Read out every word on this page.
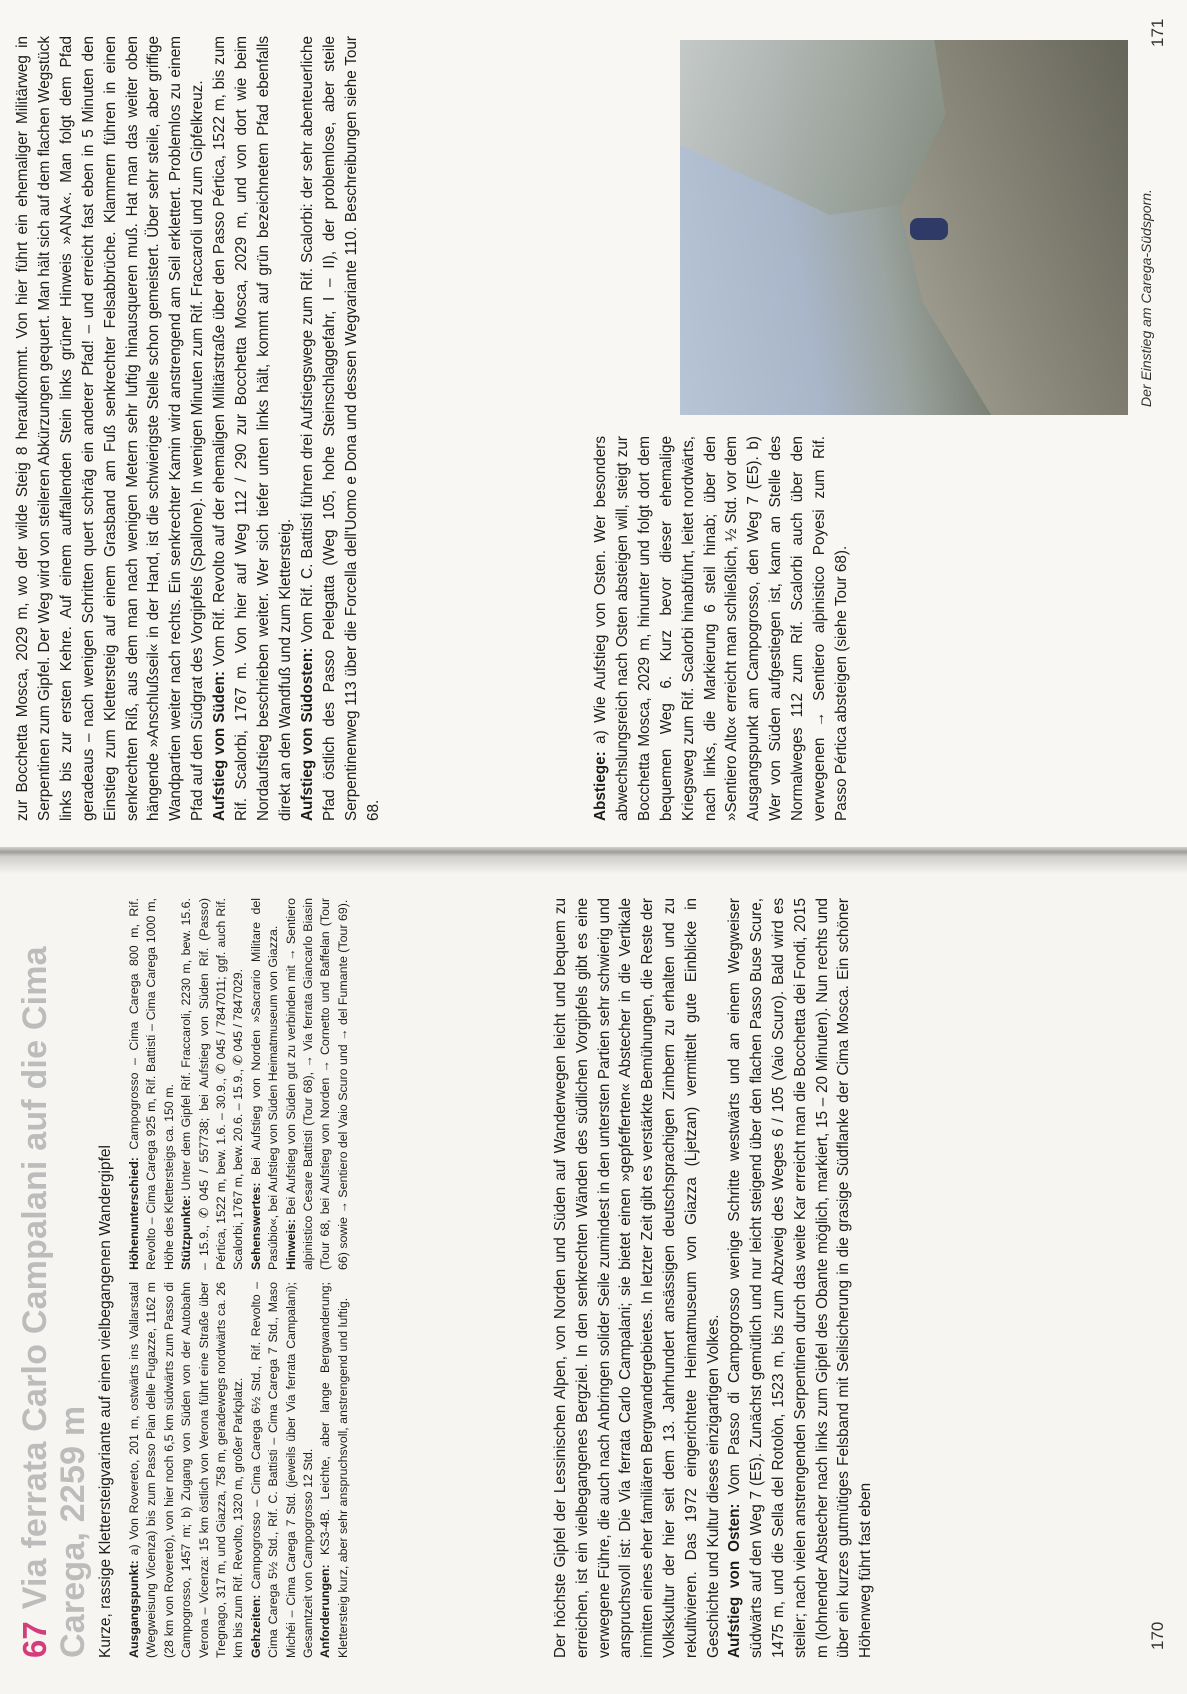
67
Via ferrata Carlo Campalani auf die Cima Carega, 2259 m Kurze, rassige Klettersteigvariante auf einen vielbegangenen Wandergipfel Ausgangspunkt: a) Von Rovereto, 201 m, ostwärts ins Vallarsatal (Wegweisung Vicenza) bis zum Passo Pian delle Fugazze, 1162 m (28 km von Rovereto), von hier noch 6,5 km südwärts zum Passo di Campogrosso, 1457 m; b) Zugang von Süden von der Autobahn Verona – Vicenza: 15 km östlich von Verona führt eine Straße über Tregnago, 317 m, und Giazza, 758 m, geradewegs nordwärts ca. 26 km bis zum Rif. Revolto, 1320 m, großer Parkplatz. Gehzeiten: Campogrosso – Cima Carega 6½ Std., Rif. Revolto – Cima Carega 5½ Std., Rif. C. Battisti – Cima Carega 7 Std., Maso Michéi – Cima Carega 7 Std. (jeweils über Via ferrata Campalani); Gesamtzeit von Campogrosso 12 Std. Anforderungen: KS3-4B. Leichte, aber lange Bergwanderung; Klettersteig kurz, aber sehr anspruchsvoll, anstrengend und luftig.
Höhenunterschied: Campogrosso – Cima Carega 800 m, Rif. Revolto – Cima Carega 925 m, Rif. Battisti – Cima Carega 1000 m, Höhe des Klettersteigs ca. 150 m. Stützpunkte: Unter dem Gipfel Rif. Fraccaroli, 2230 m, bew. 15.6. – 15.9., ✆ 045 / 557738; bei Aufstieg von Süden Rif. (Passo) Pértica, 1522 m, bew. 1.6. – 30.9., ✆ 045 / 7847011; ggf. auch Rif. Scalorbi, 1767 m, bew. 20.6. – 15.9., ✆ 045 / 7847029. Sehenswertes: Bei Aufstieg von Norden »Sacrario Militare del Pasúbio«, bei Aufstieg von Süden Heimatmuseum von Giazza. Hinweis: Bei Aufstieg von Süden gut zu verbinden mit → Sentiero alpinistico Cesare Battisti (Tour 68), → Via ferrata Giancarlo Biasin (Tour 68, bei Aufstieg von Norden → Cornetto und Baffelan (Tour 66) sowie → Sentiero del Vaio Scuro und → del Fumante (Tour 69).	Der höchste Gipfel der Lessinischen Alpen, von Norden und Süden auf Wanderwegen leicht und bequem zu erreichen, ist ein vielbegangenes Bergziel. In den senkrechten Wänden des südlichen Vorgipfels gibt es eine verwegene Führe, die auch nach Anbringen solider Seile zumindest in den untersten Partien sehr schwierig und anspruchsvoll ist: Die Via ferrata Carlo Campalani; sie bietet einen »gepfefferten« Abstecher in die Vertikale inmitten eines eher familiären Bergwandergebietes. In letzter Zeit gibt es verstärkte Bemühungen, die Reste der Volkskultur der hier seit dem 13. Jahrhundert ansässigen deutschsprachigen Zimbern zu erhalten und zu rekultivieren. Das 1972 eingerichtete Heimatmuseum von Giazza (Ljetzan) vermittelt gute Einblicke in Geschichte und Kultur dieses einzigartigen Volkes. Aufstieg von Osten: Vom Passo di Campogrosso wenige Schritte westwärts und an einem Wegweiser südwärts auf den Weg 7 (E5). Zunächst gemütlich und nur leicht steigend über den flachen Passo Buse Scure, 1475 m, und die Sella del Rotolòn, 1523 m, bis zum Abzweig des Weges 6 / 105 (Vaio Scuro). Bald wird es steiler; nach vielen anstrengenden Serpentinen durch das weite Kar erreicht man die Bocchetta dei Fondi, 2015 m (lohnender Abstecher nach links zum Gipfel des Obante möglich, markiert, 15 – 20 Minuten). Nun rechts und über ein kurzes gutmütiges Felsband mit Seilsicherung in die grasige Südflanke der Cima Mosca. Ein schöner Höhenweg führt fast eben	170

zur Bocchetta Mosca, 2029 m, wo der wilde Steig 8 heraufkommt. Von hier führt ein ehemaliger Militärweg in Serpentinen zum Gipfel. Der Weg wird von steileren Abkürzungen gequert. Man hält sich auf dem flachen Wegstück links bis zur ersten Kehre. Auf einem auffallenden Stein links grüner Hinweis »ANA«. Man folgt dem Pfad geradeaus – nach wenigen Schritten quert schräg ein anderer Pfad! – und erreicht fast eben in 5 Minuten den Einstieg zum Klettersteig auf einem Grasband am Fuß senkrechter Felsabbrüche. Klammern führen in einen senkrechten Riß, aus dem man nach wenigen Metern sehr luftig hinausqueren muß. Hat man das weiter oben hängende »Anschlußseil« in der Hand, ist die schwierigste Stelle schon gemeistert. Über sehr steile, aber griffige Wandpartien weiter nach rechts. Ein senkrechter Kamin wird anstrengend am Seil erklettert. Problemlos zu einem Pfad auf den Südgrat des Vorgipfels (Spallone). In wenigen Minuten zum Rif. Fraccaroli und zum Gipfelkreuz. Aufstieg von Süden: Vom Rif. Revolto auf der ehemaligen Militärstraße über den Passo Pértica, 1522 m, bis zum Rif. Scalorbi, 1767 m. Von hier auf Weg 112 / 290 zur Bocchetta Mosca, 2029 m, und von dort wie beim Nordaufstieg beschrieben weiter. Wer sich tiefer unten links hält, kommt auf grün bezeichnetem Pfad ebenfalls direkt an den Wandfuß und zum Klettersteig. Aufstieg von Südosten: Vom Rif. C. Battisti führen drei Aufstiegswege zum Rif. Scalorbi: der sehr abenteuerliche Pfad östlich des Passo Pelegatta (Weg 105, hohe Steinschlaggefahr, I – II), der problemlose, aber steile Serpentinenweg 113 über die Forcella dell'Uomo e Dona und dessen Wegvariante 110. Beschreibungen siehe Tour 68.	Abstiege: a) Wie Aufstieg von Osten. Wer besonders abwechslungsreich nach Osten absteigen will, steigt zur Bocchetta Mosca, 2029 m, hinunter und folgt dort dem bequemen Weg 6. Kurz bevor dieser ehemalige Kriegsweg zum Rif. Scalorbi hinabführt, leitet nordwärts, nach links, die Markierung 6 steil hinab; über den »Sentiero Alto« erreicht man schließlich, ½ Std. vor dem Ausgangspunkt am Campogrosso, den Weg 7 (E5). b) Wer von Süden aufgestiegen ist, kann an Stelle des Normalweges 112 zum Rif. Scalorbi auch über den verwegenen → Sentiero alpinistico Poyesi zum Rif. Passo Pértica absteigen (siehe Tour 68).

Der Einstieg am Carega-Südsporn.
171
